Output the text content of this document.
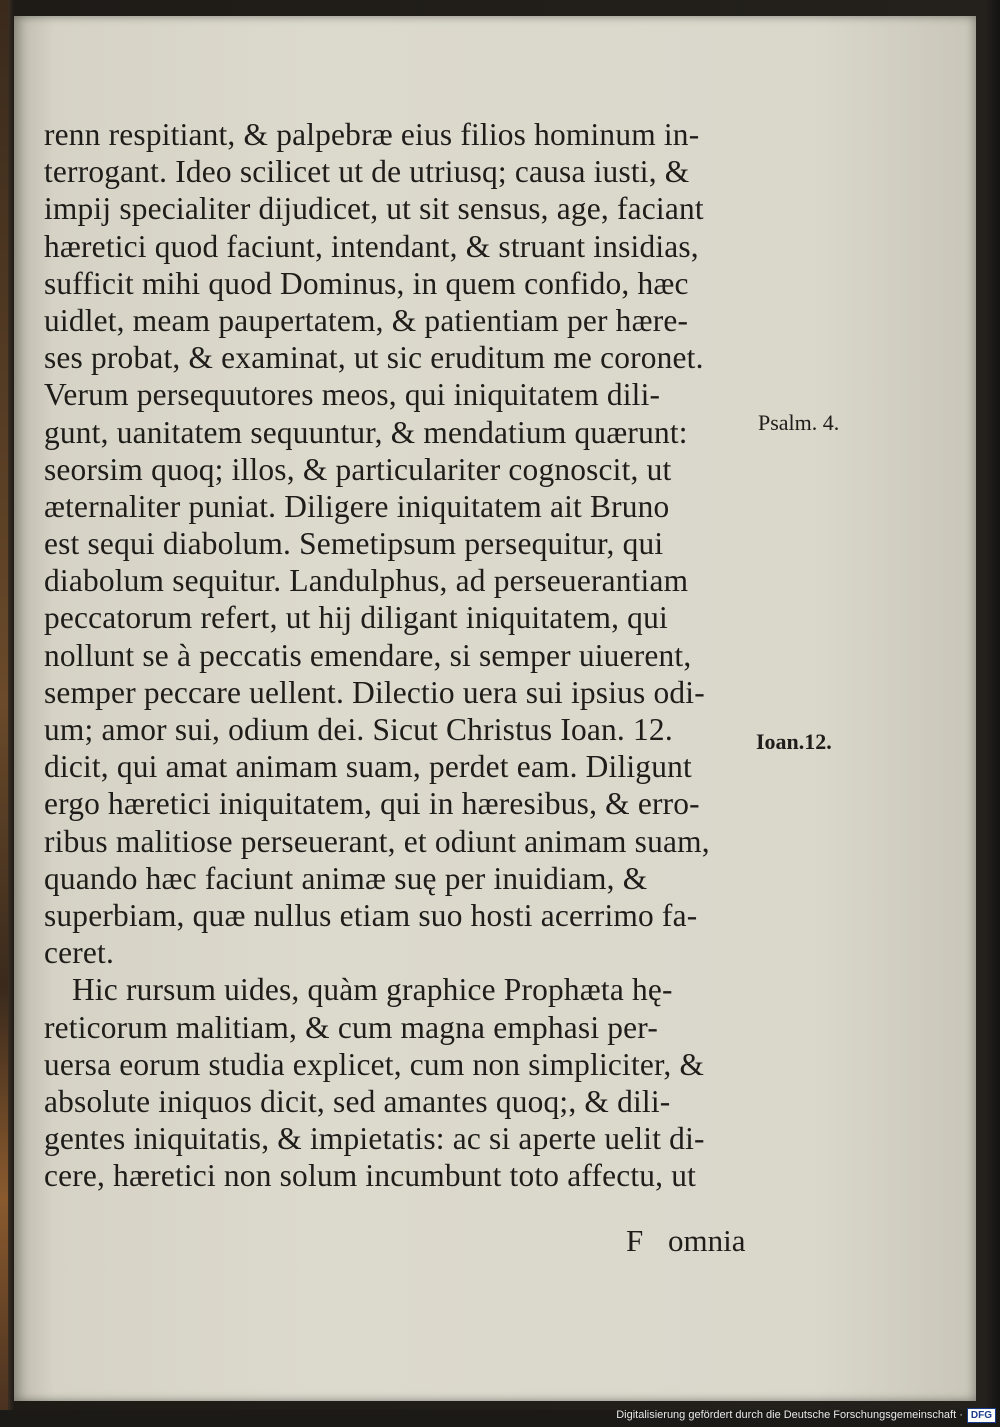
renn respitiant, & palpebræ eius filios hominum in-
terrogant. Ideo scilicet ut de utriusq; causa iusti, &
impij specialiter dijudicet, ut sit sensus, age, faciant
hæretici quod faciunt, intendant, & struant insidias,
sufficit mihi quod Dominus, in quem confido, hæc
uidlet, meam paupertatem, & patientiam per hære-
ses probat, & examinat, ut sic eruditum me coronet.
Verum persequutores meos, qui iniquitatem dili-
gunt, uanitatem sequuntur, & mendatium quærunt:
seorsim quoq; illos, & particulariter cognoscit, ut
æternaliter puniat. Diligere iniquitatem ait Bruno
est sequi diabolum. Semetipsum persequitur, qui
diabolum sequitur. Landulphus, ad perseuerantiam
peccatorum refert, ut hij diligant iniquitatem, qui
nollunt se à peccatis emendare, si semper uiuerent,
semper peccare uellent. Dilectio uera sui ipsius odi-
um; amor sui, odium dei. Sicut Christus Ioan. 12.
dicit, qui amat animam suam, perdet eam. Diligunt
ergo hæretici iniquitatem, qui in hæresibus, & erro-
ribus malitiose perseuerant, et odiunt animam suam,
quando hæc faciunt animæ suę per inuidiam, &
superbiam, quæ nullus etiam suo hosti acerrimo fa-
ceret.
Hic rursum uides, quàm graphice Prophæta hę-
reticorum malitiam, & cum magna emphasi per-
uersa eorum studia explicet, cum non simpliciter, &
absolute iniquos dicit, sed amantes quoq;, & dili-
gentes iniquitatis, & impietatis: ac si aperte uelit di-
cere, hæretici non solum incumbunt toto affectu, ut
Psalm. 4.
Ioan.12.
F omnia
Digitalisierung gefördert durch die Deutsche Forschungsgemeinschaft · DFG
